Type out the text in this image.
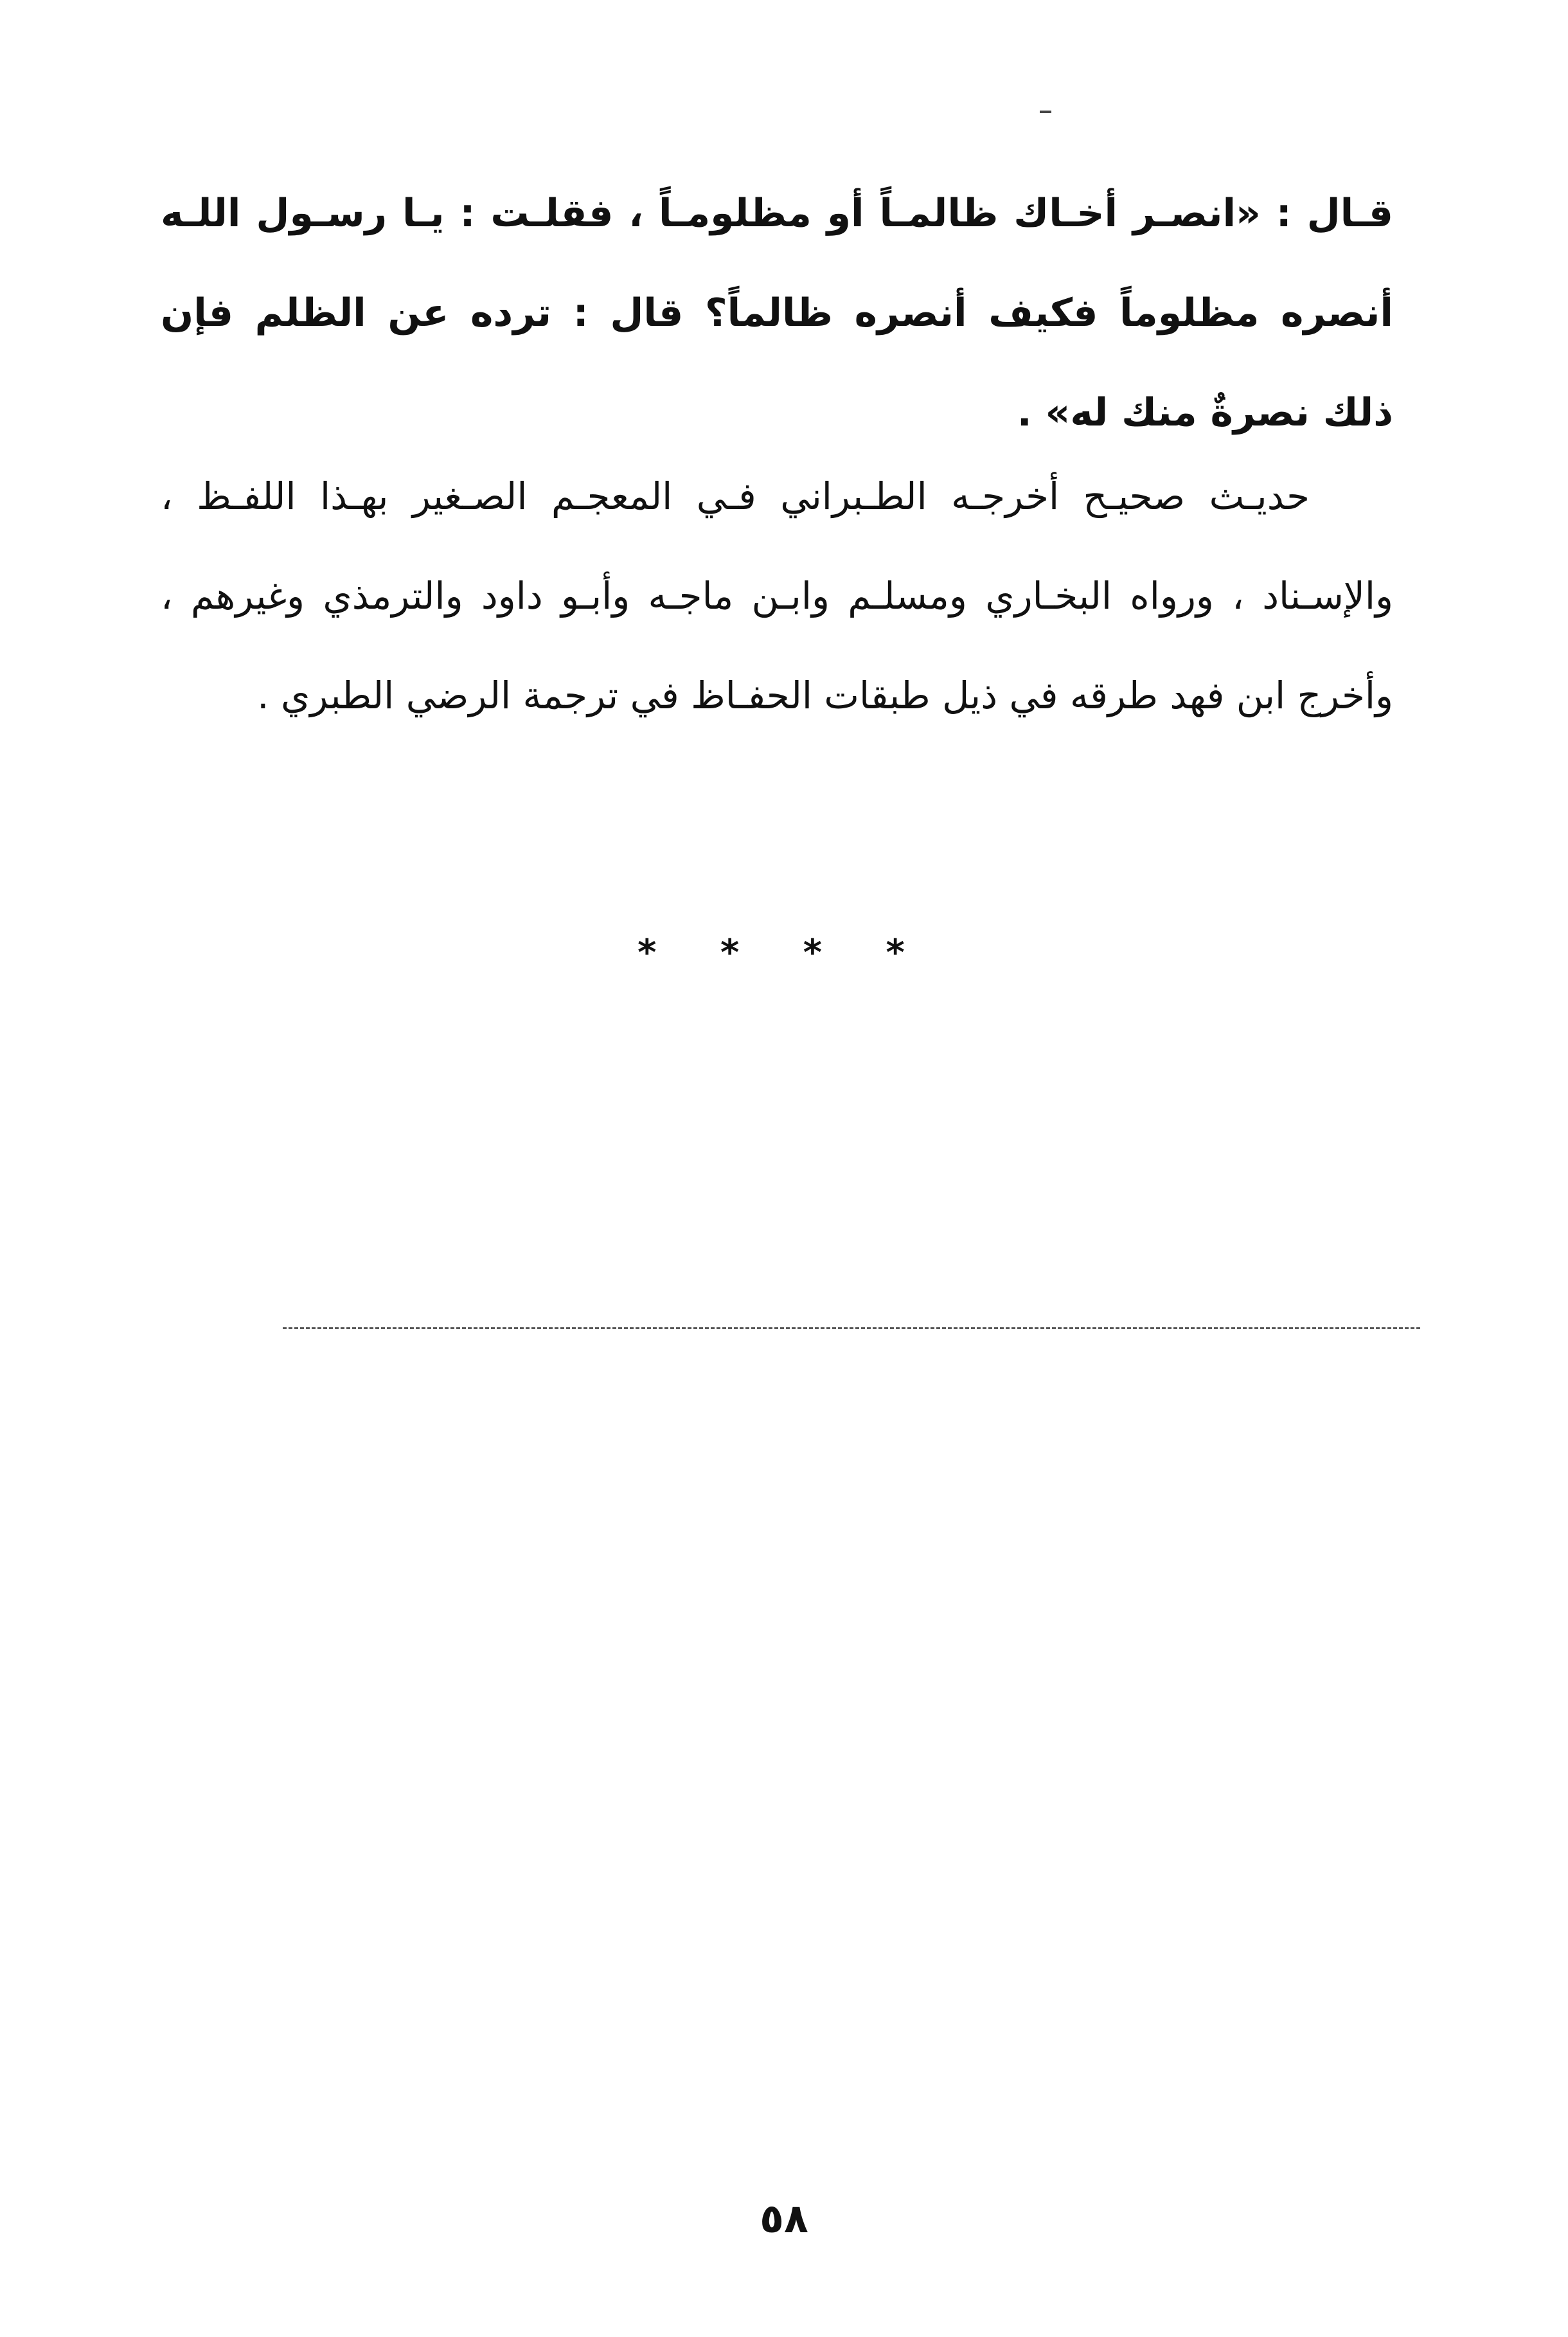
قـال : «انصـر أخـاك ظالمـاً أو مظلومـاً ، فقلـت : يـا رسـول اللـه أنصره مظلوماً فكيف أنصره ظالماً؟ قال : ترده عن الظلم فإن ذلك نصرةٌ منك له» .

حديـث صحيـح أخرجـه الطـبراني فـي المعجـم الصـغير بهـذا اللفـظ ، والإسـناد ، ورواه البخـاري ومسلـم وابـن ماجـه وأبـو داود والترمذي وغيرهم ، وأخرج ابن فهد طرقه في ذيل طبقات الحفـاظ في ترجمة الرضي الطبري .

* * * *
٥٨
